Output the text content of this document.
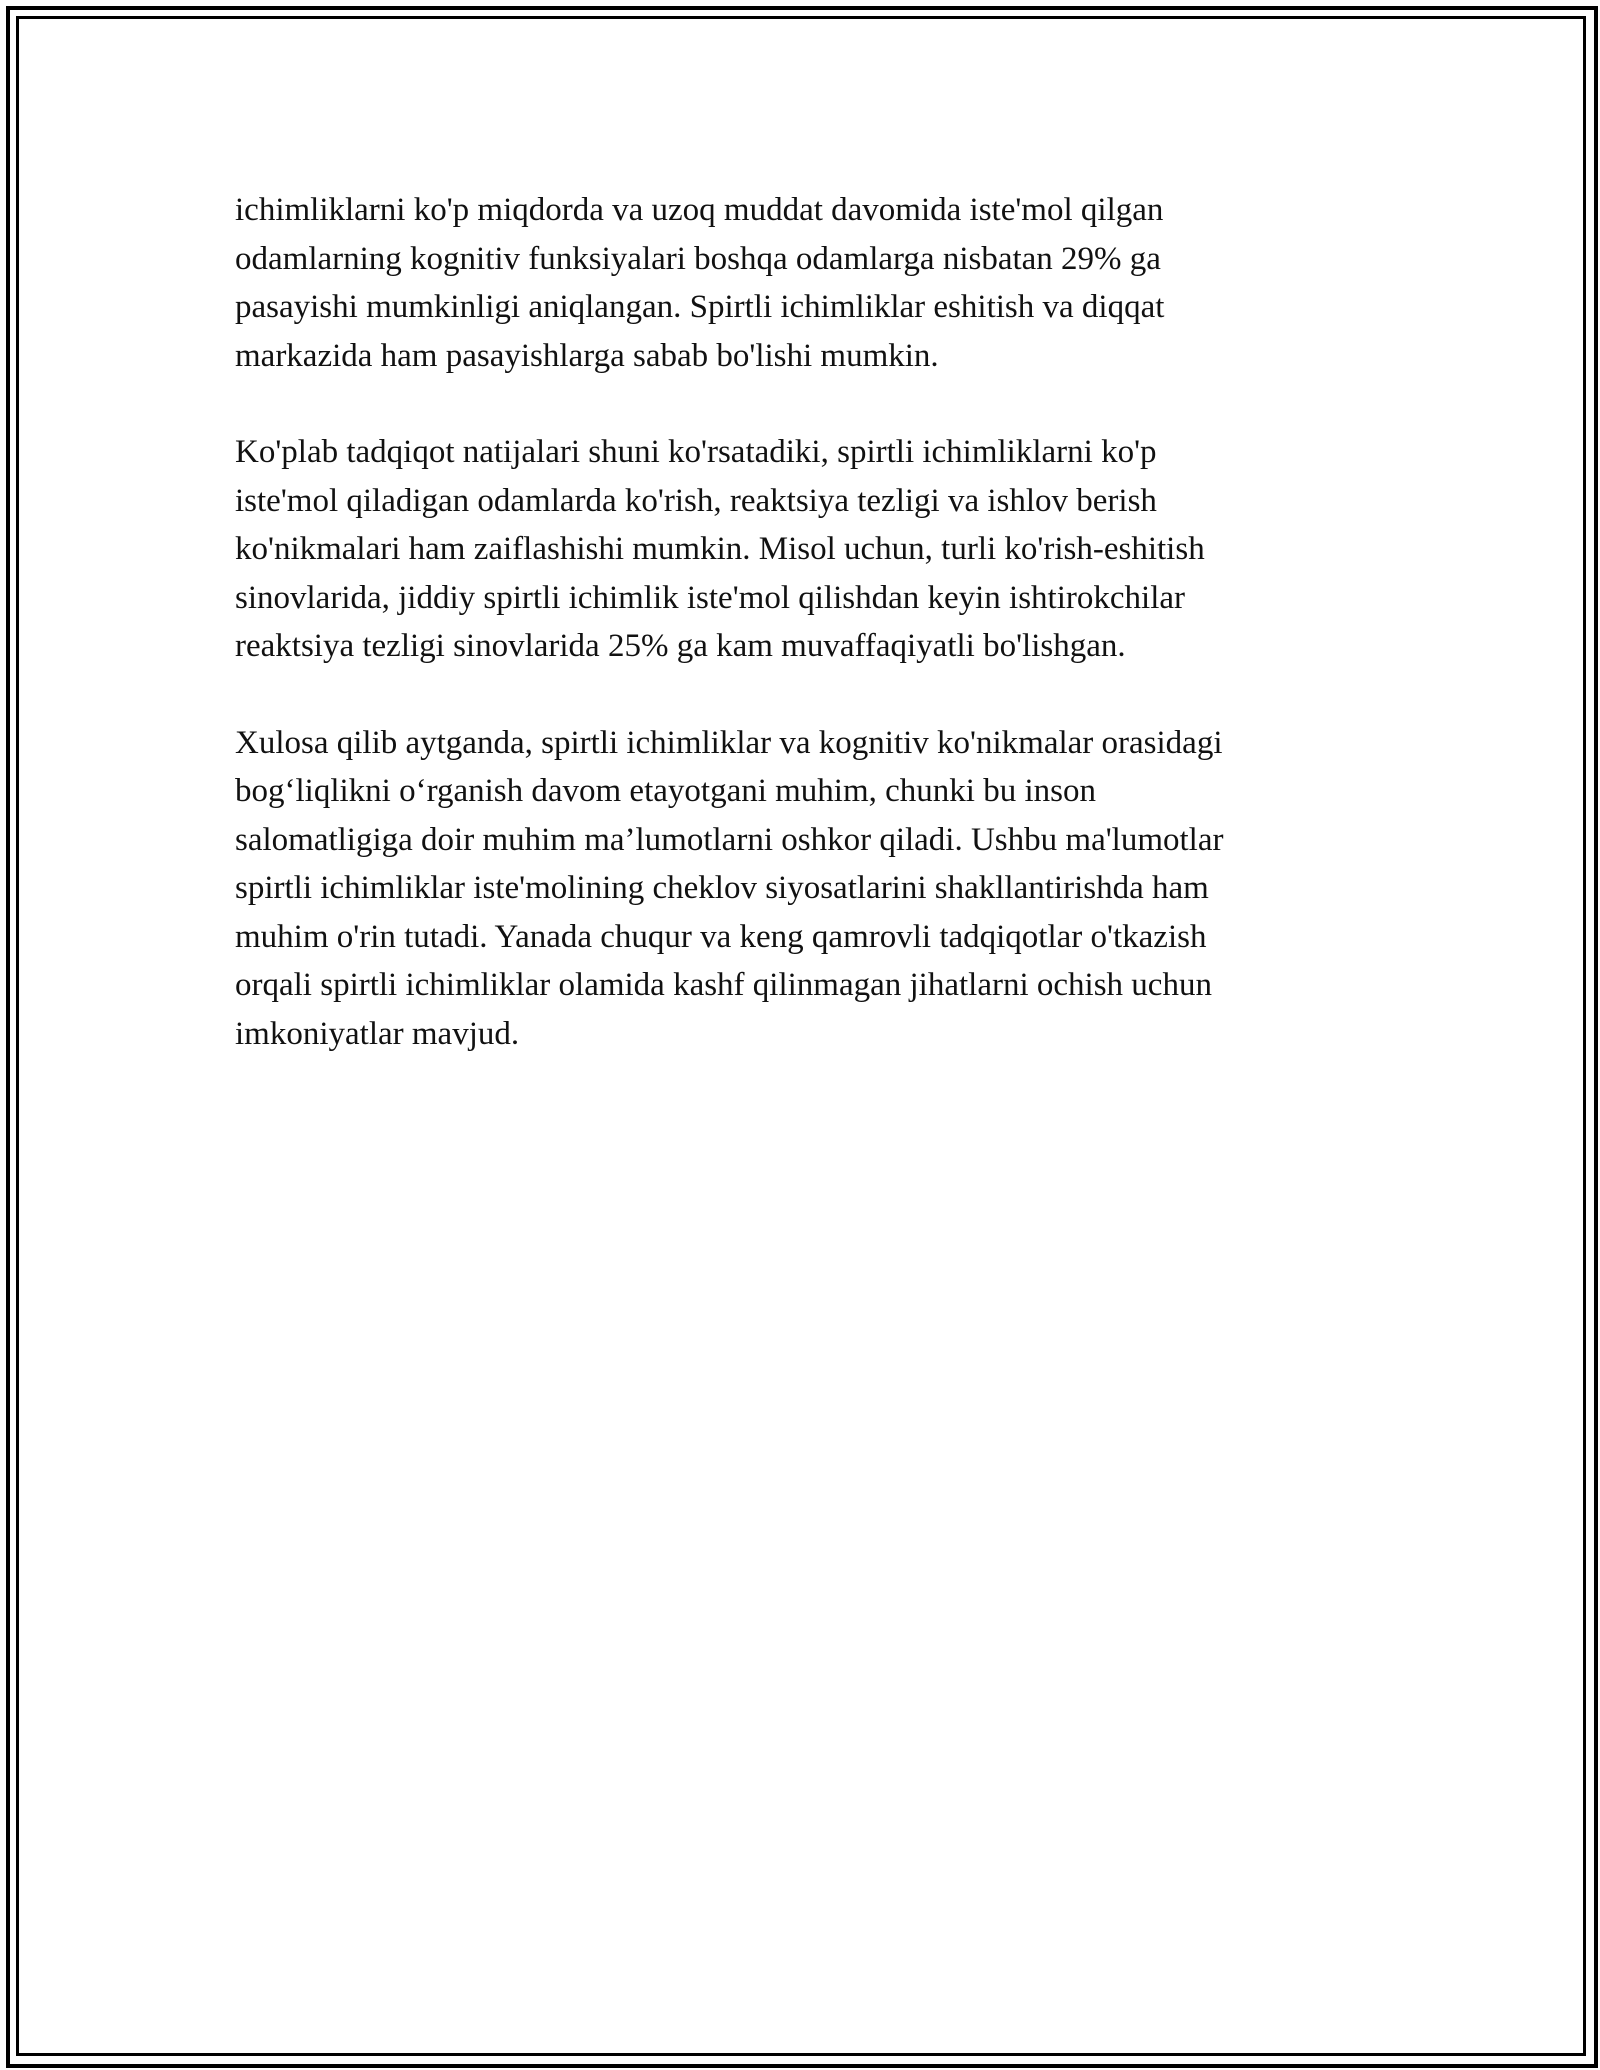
ichimliklarni ko'p miqdorda va uzoq muddat davomida iste'mol qilgan
odamlarning kognitiv funksiyalari boshqa odamlarga nisbatan 29% ga
pasayishi mumkinligi aniqlangan. Spirtli ichimliklar eshitish va diqqat
markazida ham pasayishlarga sabab bo'lishi mumkin.

Ko'plab tadqiqot natijalari shuni ko'rsatadiki, spirtli ichimliklarni ko'p
iste'mol qiladigan odamlarda ko'rish, reaktsiya tezligi va ishlov berish
ko'nikmalari ham zaiflashishi mumkin. Misol uchun, turli ko'rish-eshitish
sinovlarida, jiddiy spirtli ichimlik iste'mol qilishdan keyin ishtirokchilar
reaktsiya tezligi sinovlarida 25% ga kam muvaffaqiyatli bo'lishgan.

Xulosa qilib aytganda, spirtli ichimliklar va kognitiv ko'nikmalar orasidagi
bog‘liqlikni o‘rganish davom etayotgani muhim, chunki bu inson
salomatligiga doir muhim ma’lumotlarni oshkor qiladi. Ushbu ma'lumotlar
spirtli ichimliklar iste'molining cheklov siyosatlarini shakllantirishda ham
muhim o'rin tutadi. Yanada chuqur va keng qamrovli tadqiqotlar o'tkazish
orqali spirtli ichimliklar olamida kashf qilinmagan jihatlarni ochish uchun
imkoniyatlar mavjud.
